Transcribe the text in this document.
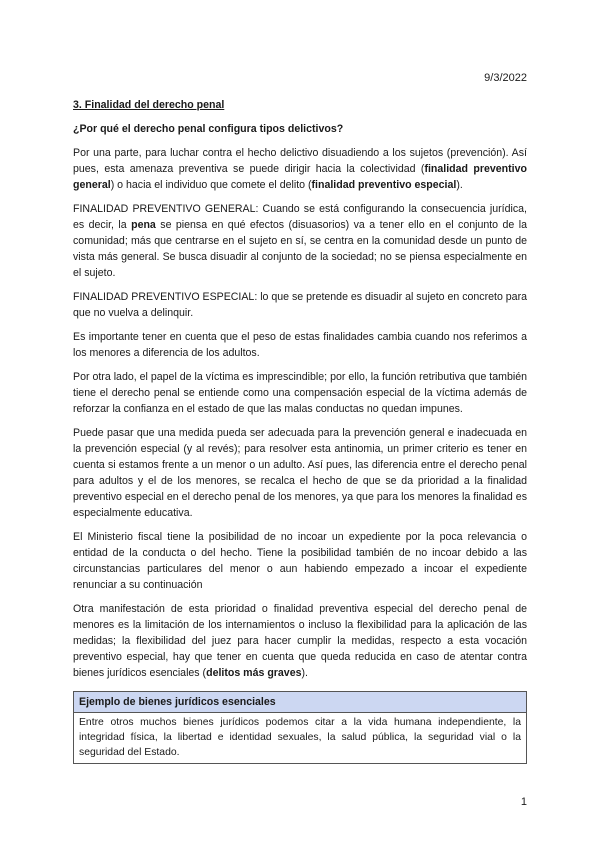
9/3/2022
3. Finalidad del derecho penal
¿Por qué el derecho penal configura tipos delictivos?

Por una parte, para luchar contra el hecho delictivo disuadiendo a los sujetos (prevención). Así pues, esta amenaza preventiva se puede dirigir hacia la colectividad (finalidad preventivo general) o hacia el individuo que comete el delito (finalidad preventivo especial).

FINALIDAD PREVENTIVO GENERAL: Cuando se está configurando la consecuencia jurídica, es decir, la pena se piensa en qué efectos (disuasorios) va a tener ello en el conjunto de la comunidad; más que centrarse en el sujeto en sí, se centra en la comunidad desde un punto de vista más general. Se busca disuadir al conjunto de la sociedad; no se piensa especialmente en el sujeto.

FINALIDAD PREVENTIVO ESPECIAL: lo que se pretende es disuadir al sujeto en concreto para que no vuelva a delinquir.

Es importante tener en cuenta que el peso de estas finalidades cambia cuando nos referimos a los menores a diferencia de los adultos.

Por otra lado, el papel de la víctima es imprescindible; por ello, la función retributiva que también tiene el derecho penal se entiende como una compensación especial de la víctima además de reforzar la confianza en el estado de que las malas conductas no quedan impunes.

Puede pasar que una medida pueda ser adecuada para la prevención general e inadecuada en la prevención especial (y al revés); para resolver esta antinomia, un primer criterio es tener en cuenta si estamos frente a un menor o un adulto. Así pues, las diferencia entre el derecho penal para adultos y el de los menores, se recalca el hecho de que se da prioridad a la finalidad preventivo especial en el derecho penal de los menores, ya que para los menores la finalidad es especialmente educativa.

El Ministerio fiscal tiene la posibilidad de no incoar un expediente por la poca relevancia o entidad de la conducta o del hecho. Tiene la posibilidad también de no incoar debido a las circunstancias particulares del menor o aun habiendo empezado a incoar el expediente renunciar a su continuación

Otra manifestación de esta prioridad o finalidad preventiva especial del derecho penal de menores es la limitación de los internamientos o incluso la flexibilidad para la aplicación de las medidas; la flexibilidad del juez para hacer cumplir la medidas, respecto a esta vocación preventivo especial, hay que tener en cuenta que queda reducida en caso de atentar contra bienes jurídicos esenciales (delitos más graves).

Ejemplo de bienes jurídicos esenciales
Entre otros muchos bienes jurídicos podemos citar a la vida humana independiente, la integridad física, la libertad e identidad sexuales, la salud pública, la seguridad vial o la seguridad del Estado.
1
